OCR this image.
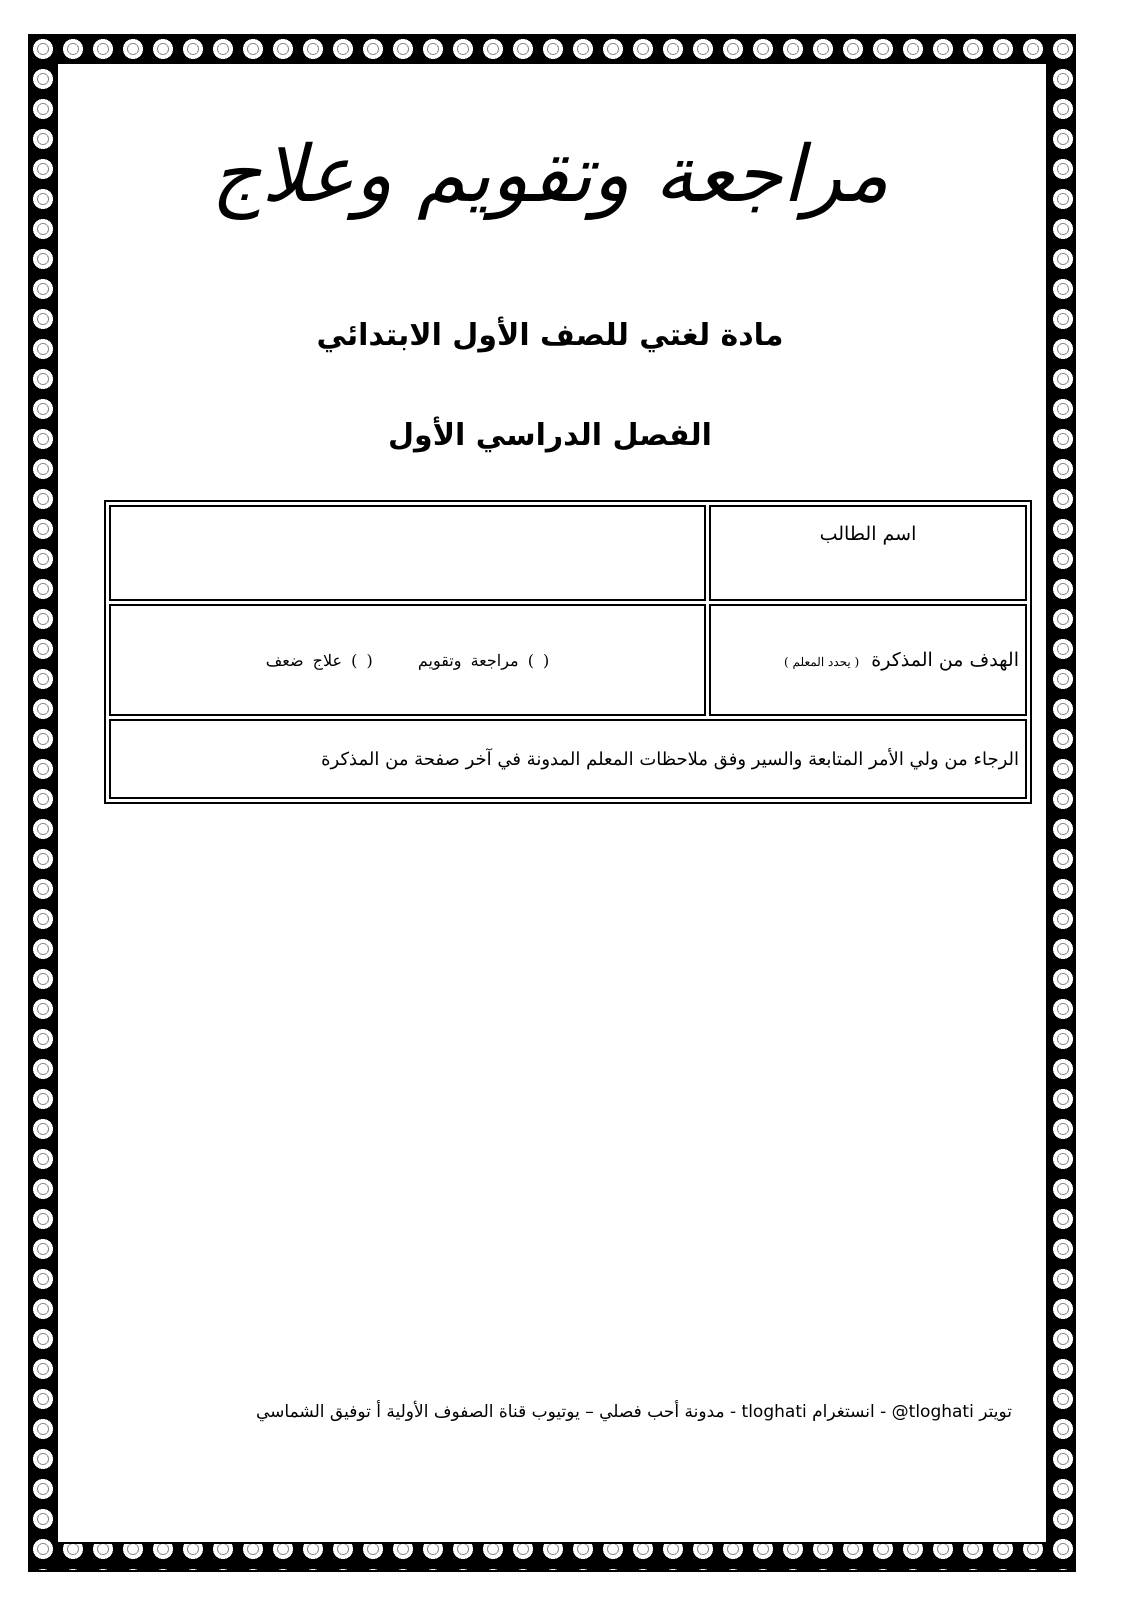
مراجعة وتقويم وعلاج
مادة لغتي للصف الأول الابتدائي
الفصل الدراسي الأول
اسم الطالب	
الهدف من المذكرة ( يحدد المعلم )	( ) مراجعة وتقويم ( ) علاج ضعف
الرجاء من ولي الأمر المتابعة والسير وفق ملاحظات المعلم المدونة في آخر صفحة من المذكرة	
تويتر tloghati@ - انستغرام tloghati - مدونة أحب فصلي – يوتيوب قناة الصفوف الأولية أ توفيق الشماسي
